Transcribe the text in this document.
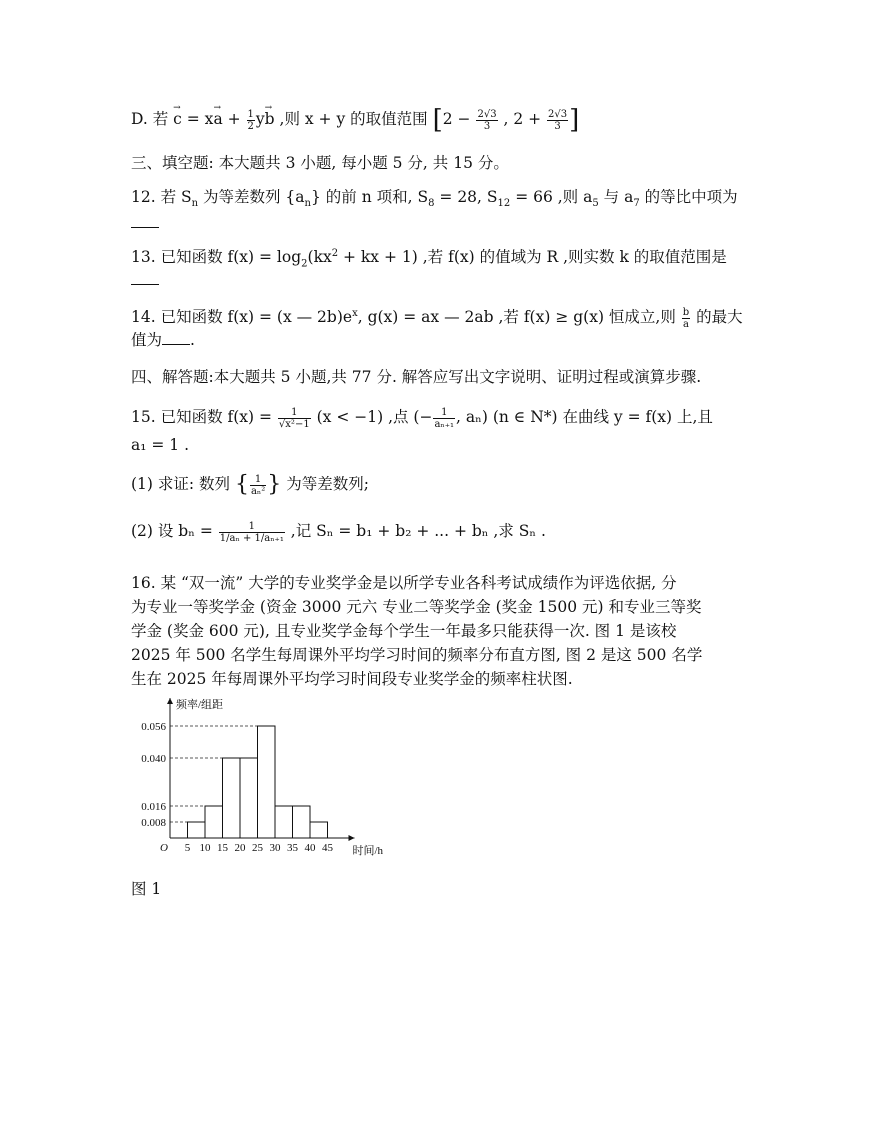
D. 若 → $c = x\to a + \frac{1}{2} y\to b$ ,则 x + y 的取值范围 [$2 - \frac{2√3}{3}$ , $2 + \frac{2√3}{3}$ ]
三、填空题: 本大题共 3 小题, 每小题 5 分, 共 15 分。
12. 若 $S_n$ 为等差数列 $\{a_n\}$ 的前 n 项和, $S_8 = 28$, $S_{12} = 66$ ,则 $a_5$ 与 $a_7$ 的等比中项为
13. 已知函数 $f(x) = \log_2(kx^2$ + kx + 1) ,若 f(x) 的值域为 R ,则实数 k 的取值范围是
14. 已知函数 f(x) = (x — $2b)e^x$, g(x) = ax — 2ab ,若 f(x) ≥ g(x) 恒成立,则 $\frac{b}{a}$ 的最大
值为 .
四、解答题:本大题共 5 小题,共 77 分. 解答应写出文字说明、证明过程或演算步骤.
15. 已知函数 $f(x) = \frac{1}{\text{√x²−1}} (x < -1)$ ,点 (− $\frac{1}{\text{aₙ₊₁}}$ , aₙ) (n ∈ N*) 在曲线 y = f(x) 上,且
a₁ = 1 .
(1) 求证: 数列 { $\frac{1}{\text{aₙ²}}$ } 为等差数列;
(2) 设 $b_n = \frac{1}{\text{1/aₙ + 1/aₙ₊₁}}$ ,记 Sₙ = b₁ + b₂ + ... + bₙ ,求 Sₙ .
16. 某 “双一流” 大学的专业奖学金是以所学专业各科考试成绩作为评选依据, 分
为专业一等奖学金 (资金 3000 元六 专业二等奖学金 (奖金 1500 元) 和专业三等奖
学金 (奖金 600 元), 且专业奖学金每个学生一年最多只能获得一次. 图 1 是该校
2025 年 500 名学生每周课外平均学习时间的频率分布直方图, 图 2 是这 500 名学
生在 2025 年每周课外平均学习时间段专业奖学金的频率柱状图.
0.008
0.016
0.040
0.056
频率/组距
时间/h
O 5 10 15 20 25 30 35 40 45
图 1
